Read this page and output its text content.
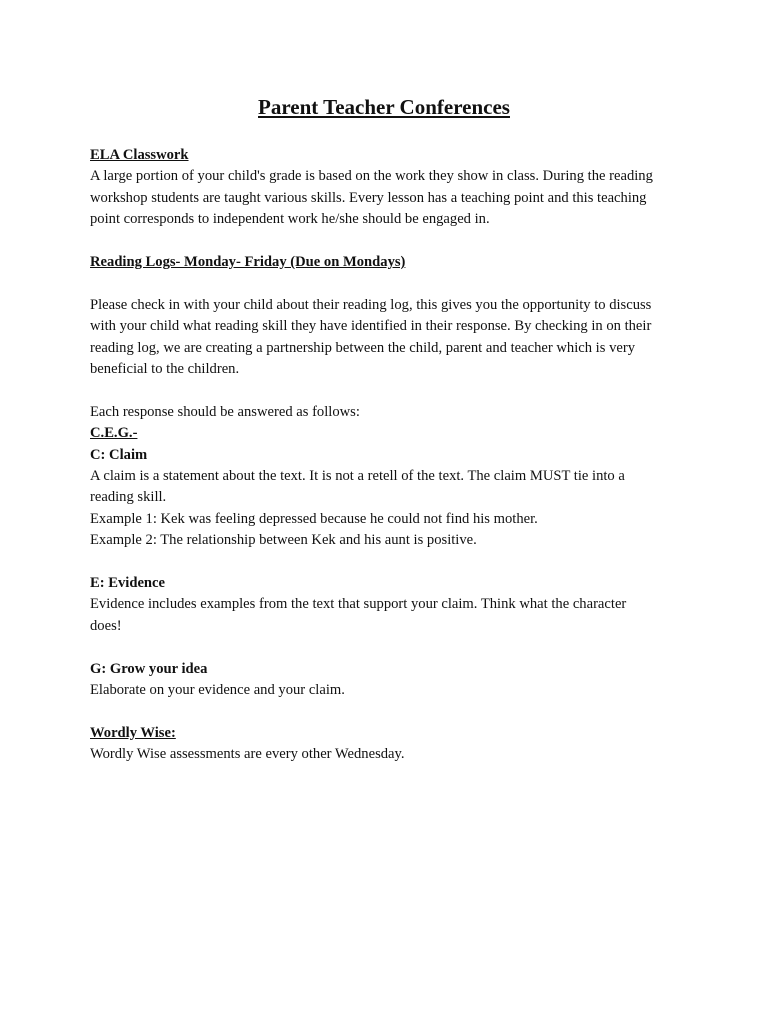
Parent Teacher Conferences

ELA Classwork

A large portion of your child's grade is based on the work they show in class. During the reading

workshop students are taught various skills. Every lesson has a teaching point and this teaching

point corresponds to independent work he/she should be engaged in.

Reading Logs- Monday- Friday (Due on Mondays)

Please check in with your child about their reading log, this gives you the opportunity to discuss

with your child what reading skill they have identified in their response. By checking in on their

reading log, we are creating a partnership between the child, parent and teacher which is very

beneficial to the children.

Each response should be answered as follows:

C.E.G.-

C: Claim

A claim is a statement about the text. It is not a retell of the text. The claim MUST tie into a

reading skill.

Example 1: Kek was feeling depressed because he could not find his mother.

Example 2: The relationship between Kek and his aunt is positive.

E: Evidence

Evidence includes examples from the text that support your claim. Think what the character

does!

G: Grow your idea

Elaborate on your evidence and your claim.

Wordly Wise:

Wordly Wise assessments are every other Wednesday.
